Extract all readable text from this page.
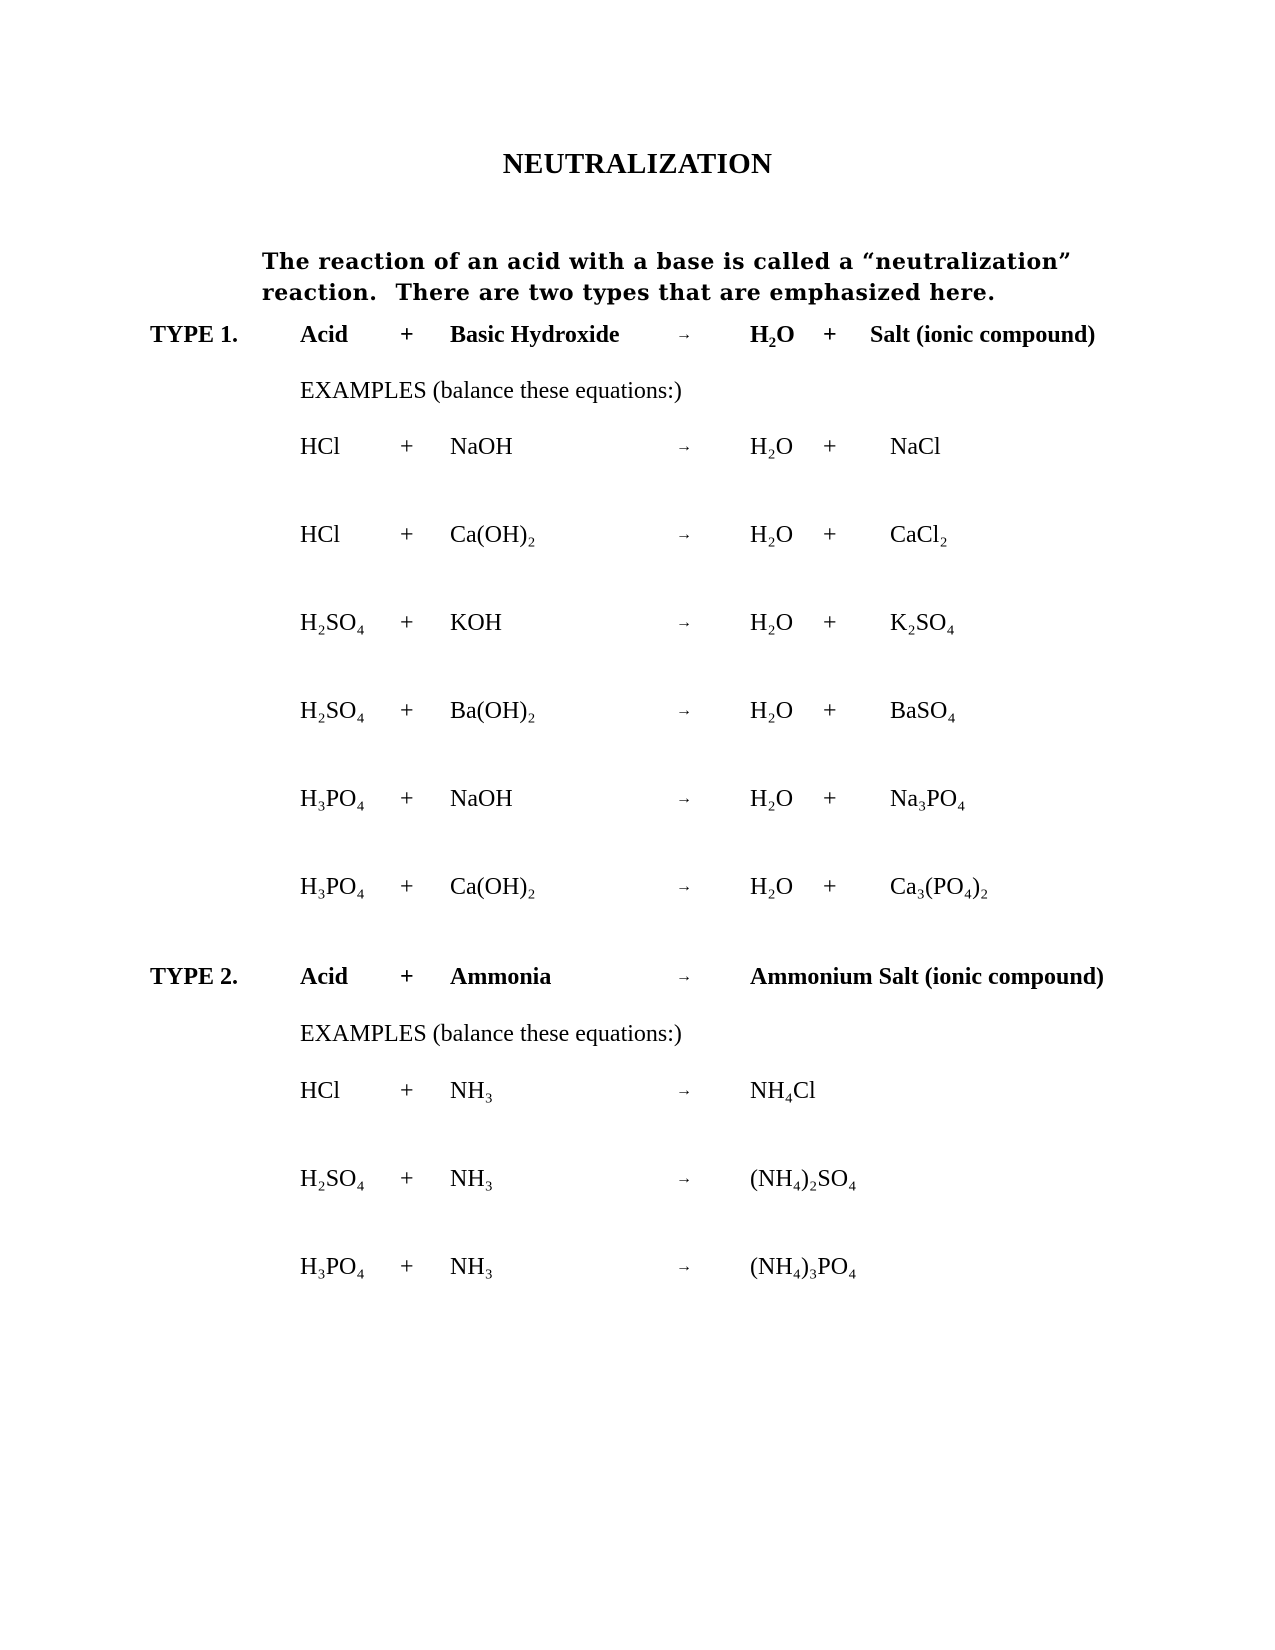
NEUTRALIZATION
The reaction of an acid with a base is called a “neutralization”
reaction. There are two types that are emphasized here.
TYPE 1.	Acid + Basic Hydroxide	→ $H_2O$ + Salt (ionic compound)
EXAMPLES (balance these equations:)
HCl + NaOH	→ H₂O + NaCl
HCl + Ca(OH)₂	→ H₂O + CaCl₂
H₂SO₄ + KOH	→ H₂O + K₂SO₄
H₂SO₄ + Ba(OH)₂	→ H₂O + BaSO₄
H₃PO₄ + NaOH	→ H₂O + Na₃PO₄
H₃PO₄ + Ca(OH)₂	→ H₂O + Ca₃(PO₄)₂
TYPE 2.	Acid + Ammonia	→ Ammonium Salt (ionic compound)
EXAMPLES (balance these equations:)
HCl + NH₃	→ NH₄Cl
H₂SO₄ + NH₃	→ (NH₄)₂SO₄
H₃PO₄ + NH₃	→ (NH₄)₃PO₄
